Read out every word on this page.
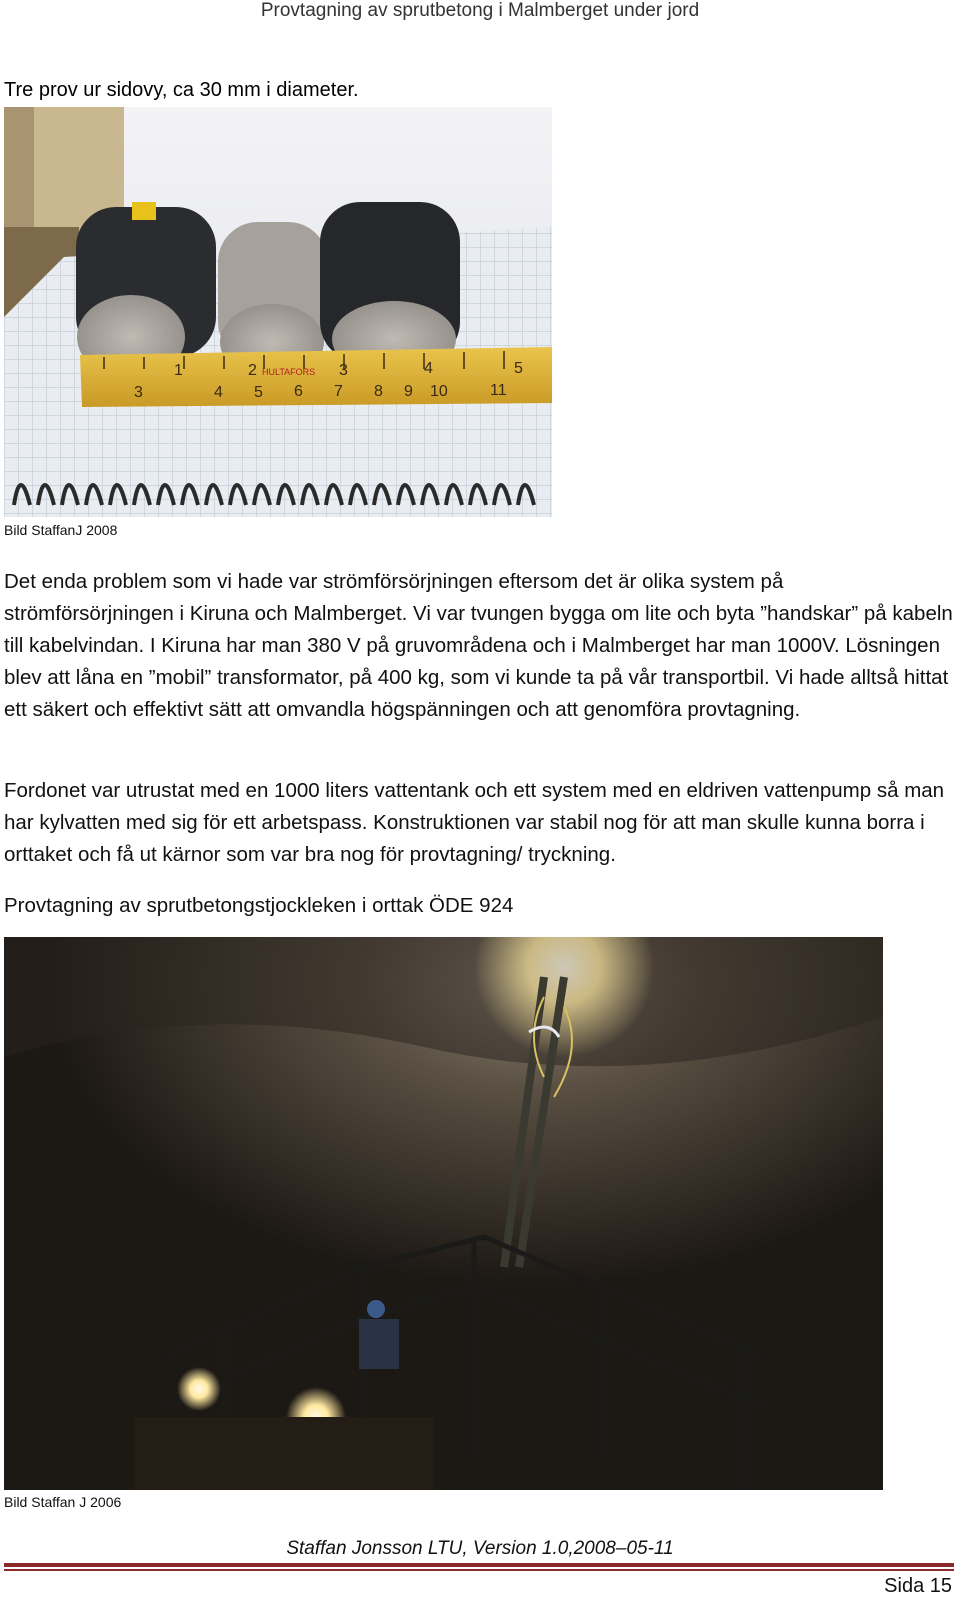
Provtagning av sprutbetong i Malmberget under jord
Tre prov ur sidovy, ca 30 mm i diameter.
1	2	3	4	5
3	4 5 6 7 8 9 10	11
HULTAFORS
Bild StaffanJ 2008
Det enda problem som vi hade var strömförsörjningen eftersom det är olika system på strömförsörjningen i Kiruna och Malmberget. Vi var tvungen bygga om lite och byta ”handskar” på kabeln till kabelvindan. I Kiruna har man 380 V på gruvområdena och i Malmberget har man 1000V. Lösningen blev att låna en ”mobil” transformator, på 400 kg, som vi kunde ta på vår transportbil. Vi hade alltså hittat ett säkert och effektivt sätt att omvandla högspänningen och att genomföra provtagning.
Fordonet var utrustat med en 1000 liters vattentank och ett system med en eldriven vattenpump så man har kylvatten med sig för ett arbetspass. Konstruktionen var stabil nog för att man skulle kunna borra i orttaket och få ut kärnor som var bra nog för provtagning/ tryckning.
Provtagning av sprutbetongstjockleken i orttak ÖDE 924
Bild Staffan J 2006
Staffan Jonsson LTU, Version 1.0,2008–05-11
Sida 15
